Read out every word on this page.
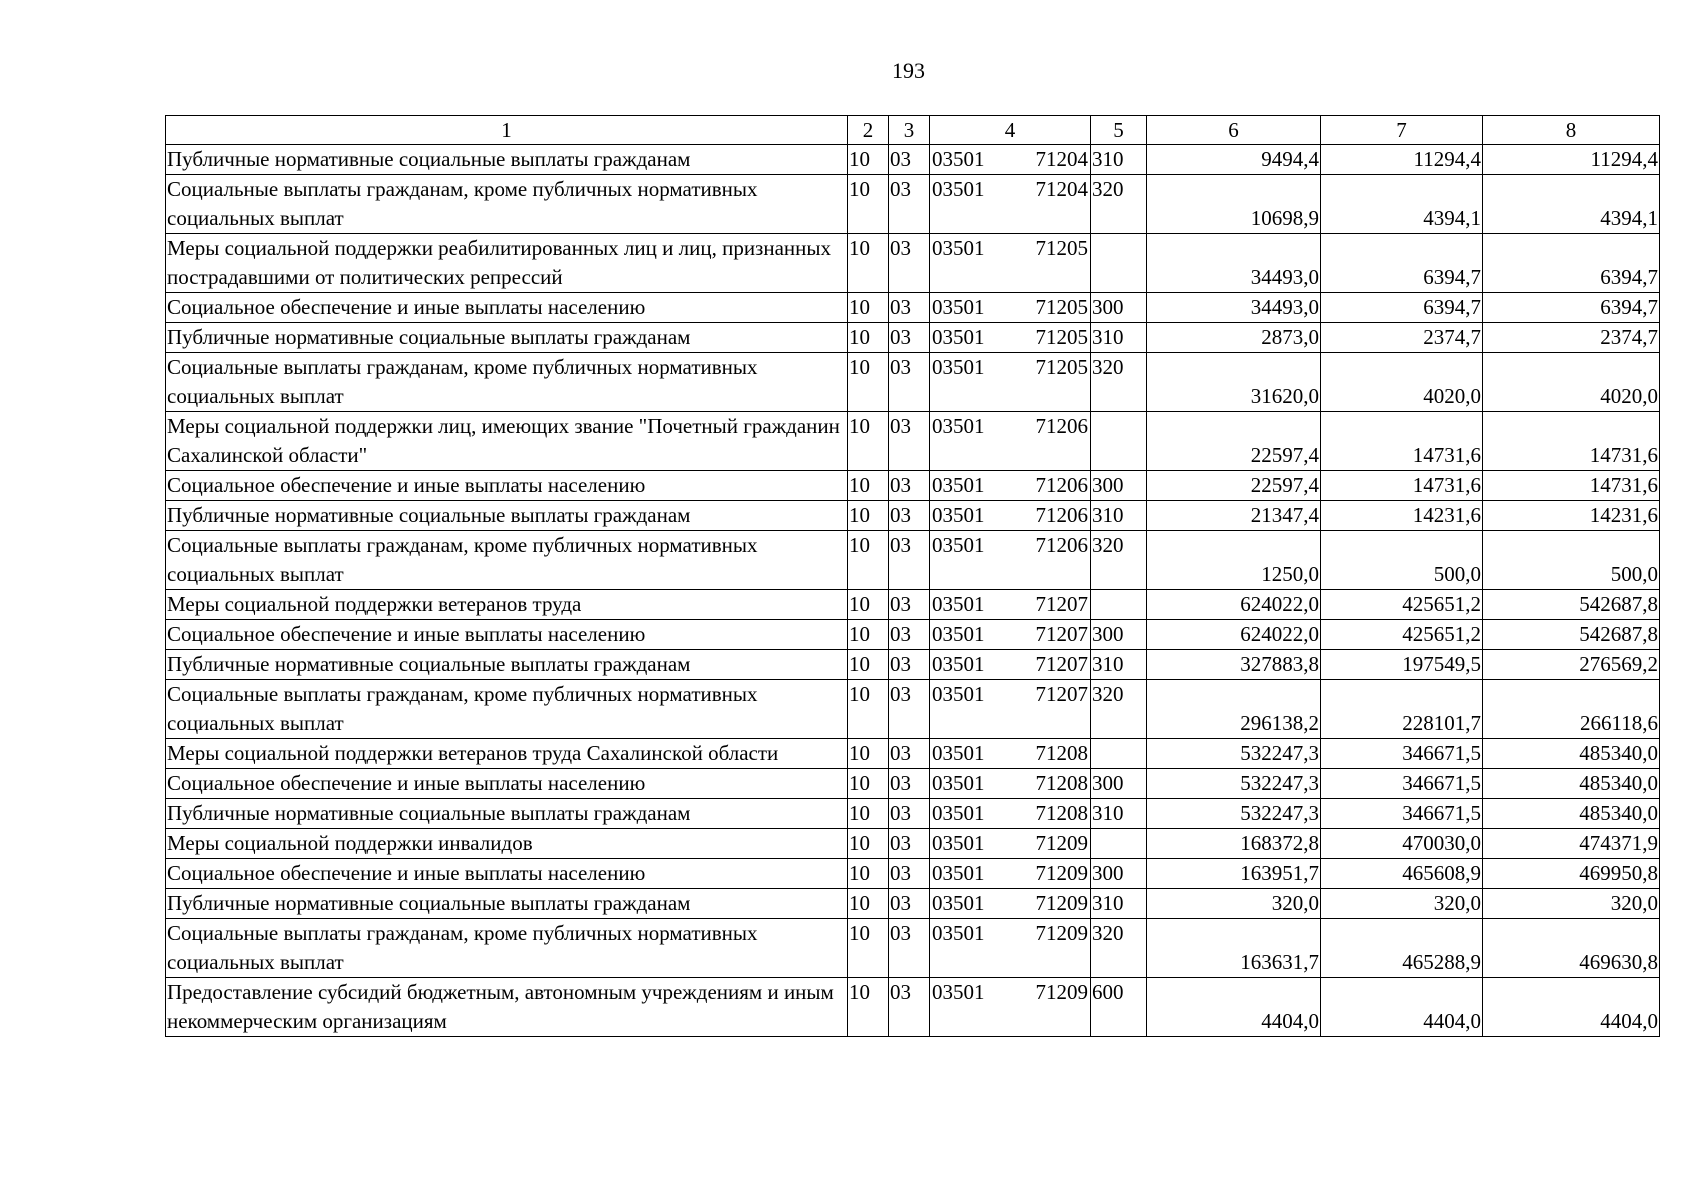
193
1	2	3	4	5	6	7	8
Публичные нормативные социальные выплаты гражданам	10	03	03501 71204	310	9494,4	11294,4	11294,4
Социальные выплаты гражданам, кроме публичных нормативных социальных выплат	10	03	03501 71204	320	10698,9	4394,1	4394,1
Меры социальной поддержки реабилитированных лиц и лиц, признанных пострадавшими от политических репрессий	10	03	03501 71205		34493,0	6394,7	6394,7
Социальное обеспечение и иные выплаты населению	10	03	03501 71205	300	34493,0	6394,7	6394,7
Публичные нормативные социальные выплаты гражданам	10	03	03501 71205	310	2873,0	2374,7	2374,7
Социальные выплаты гражданам, кроме публичных нормативных социальных выплат	10	03	03501 71205	320	31620,0	4020,0	4020,0
Меры социальной поддержки лиц, имеющих звание "Почетный гражданин Сахалинской области"	10	03	03501 71206		22597,4	14731,6	14731,6
Социальное обеспечение и иные выплаты населению	10	03	03501 71206	300	22597,4	14731,6	14731,6
Публичные нормативные социальные выплаты гражданам	10	03	03501 71206	310	21347,4	14231,6	14231,6
Социальные выплаты гражданам, кроме публичных нормативных социальных выплат	10	03	03501 71206	320	1250,0	500,0	500,0
Меры социальной поддержки ветеранов труда	10	03	03501 71207		624022,0	425651,2	542687,8
Социальное обеспечение и иные выплаты населению	10	03	03501 71207	300	624022,0	425651,2	542687,8
Публичные нормативные социальные выплаты гражданам	10	03	03501 71207	310	327883,8	197549,5	276569,2
Социальные выплаты гражданам, кроме публичных нормативных социальных выплат	10	03	03501 71207	320	296138,2	228101,7	266118,6
Меры социальной поддержки ветеранов труда Сахалинской области	10	03	03501 71208		532247,3	346671,5	485340,0
Социальное обеспечение и иные выплаты населению	10	03	03501 71208	300	532247,3	346671,5	485340,0
Публичные нормативные социальные выплаты гражданам	10	03	03501 71208	310	532247,3	346671,5	485340,0
Меры социальной поддержки инвалидов	10	03	03501 71209		168372,8	470030,0	474371,9
Социальное обеспечение и иные выплаты населению	10	03	03501 71209	300	163951,7	465608,9	469950,8
Публичные нормативные социальные выплаты гражданам	10	03	03501 71209	310	320,0	320,0	320,0
Социальные выплаты гражданам, кроме публичных нормативных социальных выплат	10	03	03501 71209	320	163631,7	465288,9	469630,8
Предоставление субсидий бюджетным, автономным учреждениям и иным некоммерческим организациям	10	03	03501 71209	600	4404,0	4404,0	4404,0
